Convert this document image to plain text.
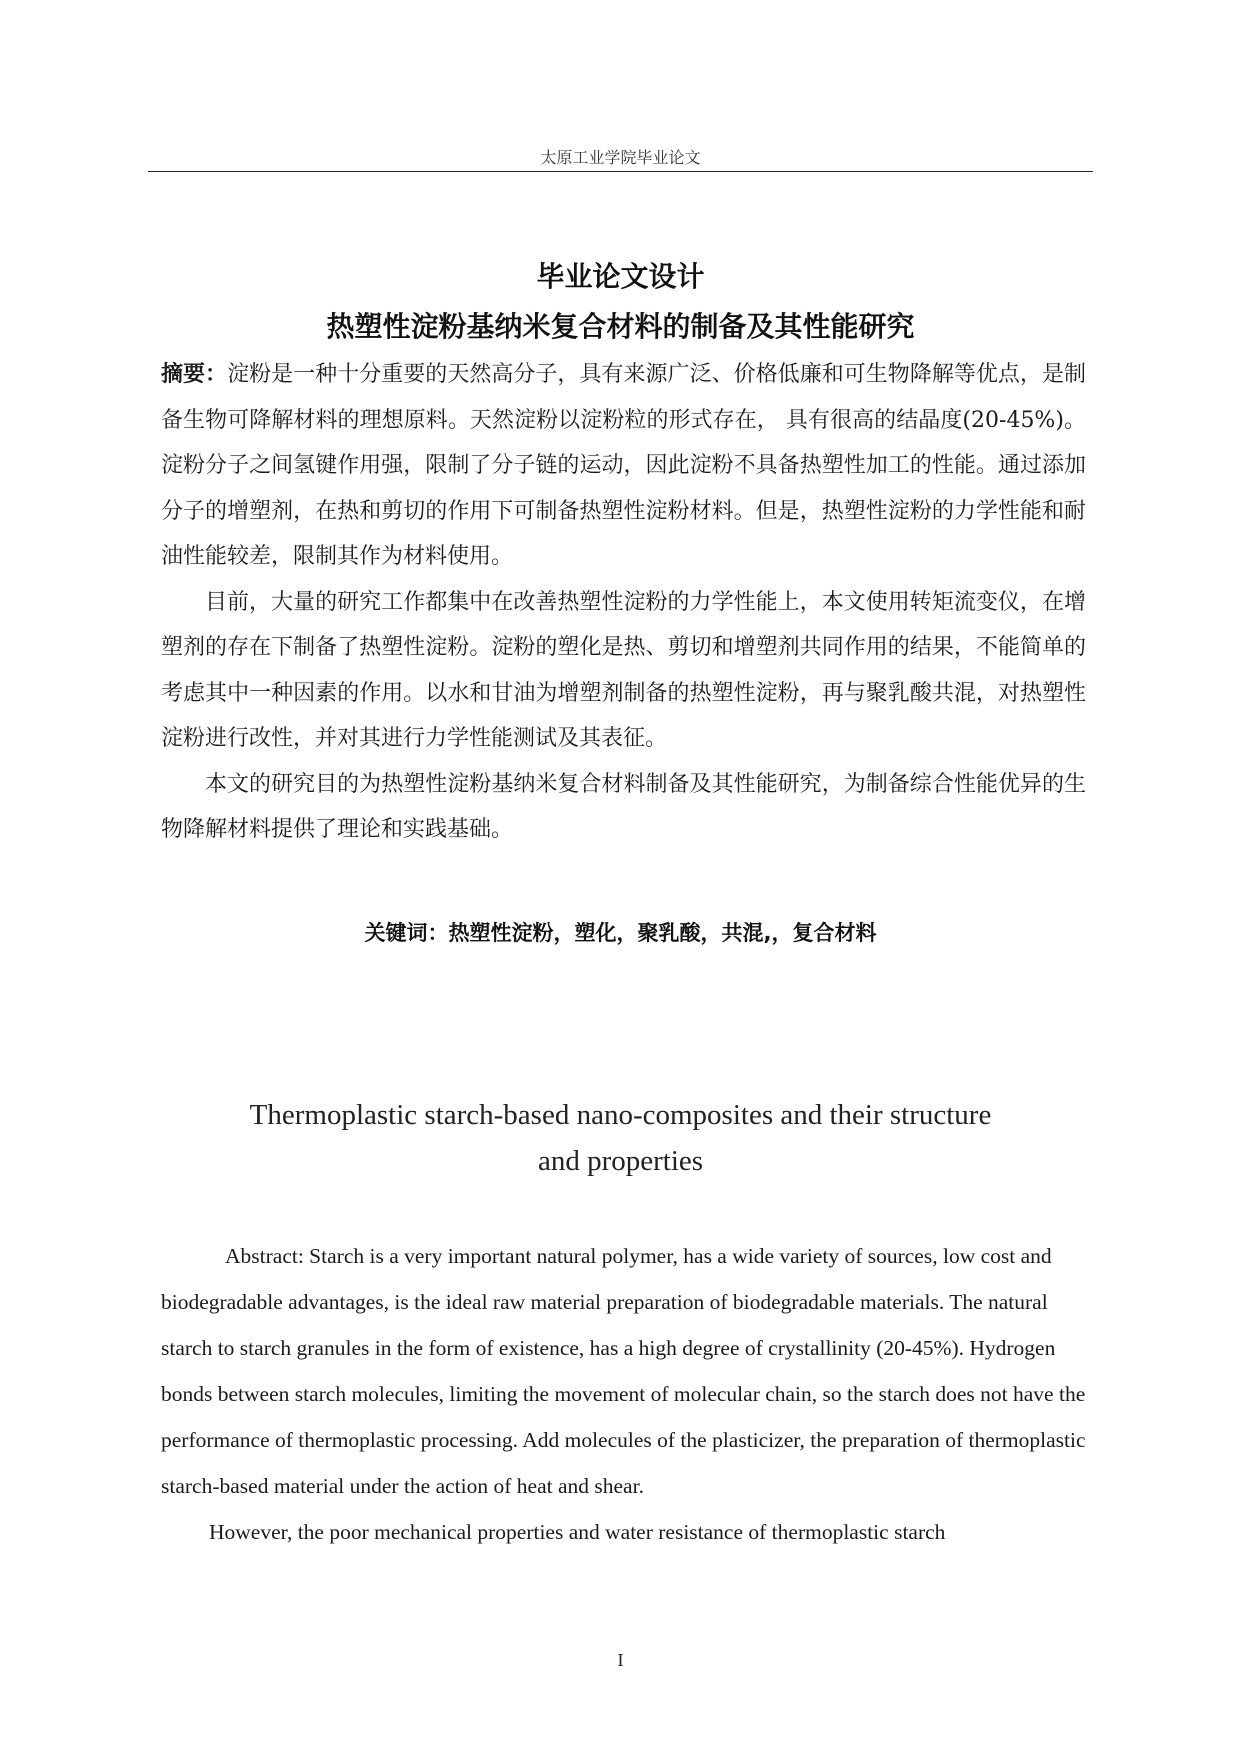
太原工业学院毕业论文
毕业论文设计
热塑性淀粉基纳米复合材料的制备及其性能研究

摘要：淀粉是一种十分重要的天然高分子，具有来源广泛、价格低廉和可生物降解等优点，是制备生物可降解材料的理想原料。天然淀粉以淀粉粒的形式存在， 具有很高的结晶度(20-45%)。淀粉分子之间氢键作用强，限制了分子链的运动，因此淀粉不具备热塑性加工的性能。通过添加分子的增塑剂，在热和剪切的作用下可制备热塑性淀粉材料。但是，热塑性淀粉的力学性能和耐油性能较差，限制其作为材料使用。

目前，大量的研究工作都集中在改善热塑性淀粉的力学性能上，本文使用转矩流变仪，在增塑剂的存在下制备了热塑性淀粉。淀粉的塑化是热、剪切和增塑剂共同作用的结果，不能简单的考虑其中一种因素的作用。以水和甘油为增塑剂制备的热塑性淀粉，再与聚乳酸共混，对热塑性淀粉进行改性，并对其进行力学性能测试及其表征。

本文的研究目的为热塑性淀粉基纳米复合材料制备及其性能研究，为制备综合性能优异的生物降解材料提供了理论和实践基础。

关键词：热塑性淀粉，塑化，聚乳酸，共混,，复合材料
Thermoplastic starch-based nano-composites and their structure
and properties

Abstract: Starch is a very important natural polymer, has a wide variety of sources, low cost and biodegradable advantages, is the ideal raw material preparation of biodegradable materials. The natural starch to starch granules in the form of existence, has a high degree of crystallinity (20-45%). Hydrogen bonds between starch molecules, limiting the movement of molecular chain, so the starch does not have the performance of thermoplastic processing. Add molecules of the plasticizer, the preparation of thermoplastic starch-based material under the action of heat and shear.

However, the poor mechanical properties and water resistance of thermoplastic starch

I
